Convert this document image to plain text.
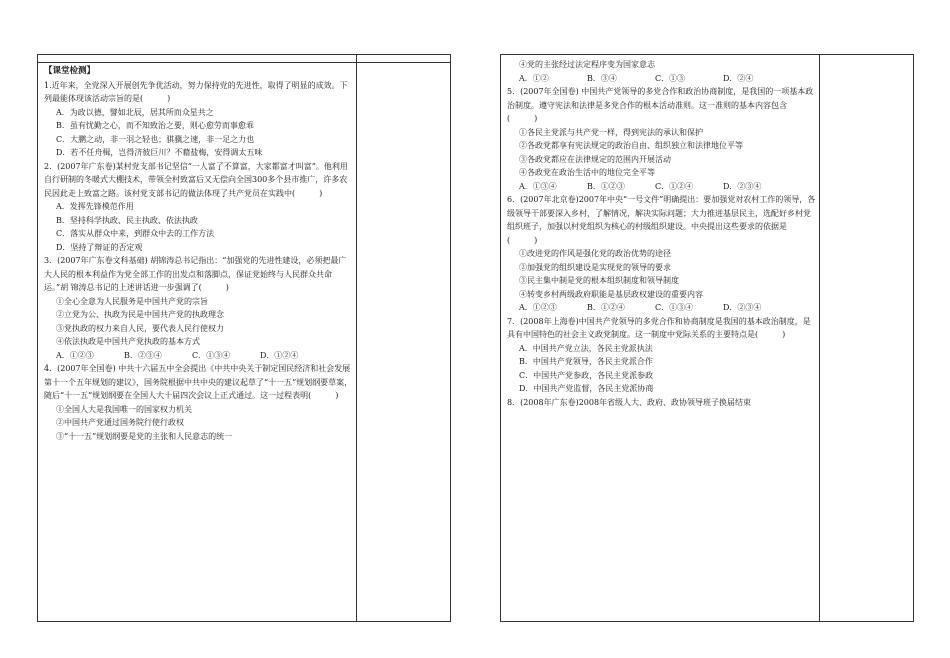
【课堂检测】

1.近年来，全党深入开展创先争优活动，努力保持党的先进性，取得了明显的成效。下列最能体现该活动宗旨的是(　　　)

A．为政以德，譬如北辰，居其所而众星共之

B．虽有忧勤之心，而不知致治之要，则心愈劳而事愈乖

C．大鹏之动，非一羽之轻也；骐骥之速，非一足之力也

D．若不任舟楫，岂得济彼巨川？不藉盐梅，安得调太五味

2．(2007年广东卷)某村党支部书记坚信“一人富了不算富，大家都富才叫富”。他利用自行研制的冬暖式大棚技术，带领全村致富后又无偿向全国300多个县市推广，许多农民因此走上致富之路。该村党支部书记的做法体现了共产党员在实践中(　　　)

A．发挥先锋模范作用

B．坚持科学执政、民主执政、依法执政

C．落实从群众中来，到群众中去的工作方法

D．坚持了辩证的否定观

3．(2007年广东卷文科基础) 胡锦涛总书记指出：“加强党的先进性建设，必须把最广大人民的根本利益作为党全部工作的出发点和落脚点，保证党始终与人民群众共命运。”胡 锦涛总书记的上述讲话进一步强调了(　　　)

①全心全意为人民服务是中国共产党的宗旨

②立党为公、执政为民是中国共产党的执政理念

③党执政的权力来自人民，要代表人民行使权力

④依法执政是中国共产党执政的基本方式

A．①②③	B．②③④	C．①③④	D．①②④

4．(2007年全国卷) 中共十六届五中全会提出《中共中央关于制定国民经济和社会发展第十一个五年规划的建议》，国务院根据中共中央的建议起草了“十一五”规划纲要草案，随后“十一五”规划纲要在全国人大十届四次会议上正式通过。这一过程表明(　　　)

①全国人大是我国唯一的国家权力机关

②中国共产党通过国务院行使行政权

③“十一五”规划纲要是党的主张和人民意志的统一

④党的主张经过法定程序变为国家意志

A．①②	B．③④	C．①③	D．②④

5．(2007年全国卷) 中国共产党领导的多党合作和政治协商制度，是我国的一项基本政治制度。遵守宪法和法律是多党合作的根本活动准则。这一准则的基本内容包含(　　　)

①各民主党派与共产党一样，得到宪法的承认和保护

②各政党都享有宪法规定的政治自由、组织独立和法律地位平等

③各政党都应在法律规定的范围内开展活动

④各政党在政治生活中的地位完全平等

A．①③④	B．①②③	C．①②④	D．②③④

6．(2007年北京卷)2007年中央“一号文件”明确提出：要加强党对农村工作的领导，各级领导干部要深入乡村，了解情况，解决实际问题；大力推进基层民主，选配好乡村党组织班子，加强以村党组织为核心的村级组织建设。中央提出这些要求的依据是(　　　)

①改进党的作风是强化党的政治优势的途径

②加强党的组织建设是实现党的领导的要求

③民主集中制是党的根本组织制度和领导制度

④转变乡村两级政府职能是基层政权建设的重要内容

A．①②③	B．①②④	C．①③④	D．②③④

7．(2008年上海卷)中国共产党领导的多党合作和协商制度是我国的基本政治制度，是具有中国特色的社会主义政党制度。这一制度中党际关系的主要特点是(　　　)

A．中国共产党立法，各民主党派执法

B．中国共产党领导，各民主党派合作

C．中国共产党参政，各民主党派参政

D．中国共产党监督，各民主党派协商

8．(2008年广东卷)2008年省级人大、政府、政协领导班子换届结束
